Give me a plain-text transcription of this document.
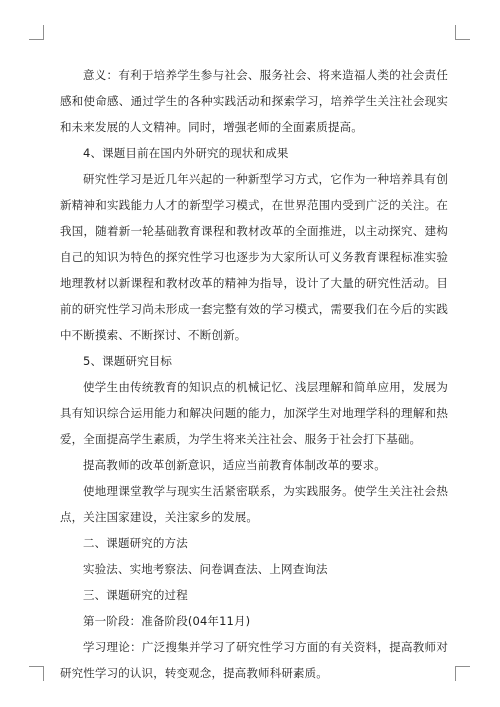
意义：有利于培养学生参与社会、服务社会、将来造福人类的社会责任感和使命感、通过学生的各种实践活动和探索学习，培养学生关注社会现实和未来发展的人文精神。同时，增强老师的全面素质提高。

4、课题目前在国内外研究的现状和成果

研究性学习是近几年兴起的一种新型学习方式，它作为一种培养具有创新精神和实践能力人才的新型学习模式，在世界范围内受到广泛的关注。在我国，随着新一轮基础教育课程和教材改革的全面推进，以主动探究、建构自己的知识为特色的探究性学习也逐步为大家所认可义务教育课程标准实验地理教材以新课程和教材改革的精神为指导，设计了大量的研究性活动。目前的研究性学习尚未形成一套完整有效的学习模式，需要我们在今后的实践中不断摸索、不断探讨、不断创新。

5、课题研究目标

使学生由传统教育的知识点的机械记忆、浅层理解和简单应用，发展为具有知识综合运用能力和解决问题的能力，加深学生对地理学科的理解和热爱，全面提高学生素质，为学生将来关注社会、服务于社会打下基础。

提高教师的改革创新意识，适应当前教育体制改革的要求。

使地理课堂教学与现实生活紧密联系，为实践服务。使学生关注社会热点，关注国家建设，关注家乡的发展。

二、课题研究的方法

实验法、实地考察法、问卷调查法、上网查询法

三、课题研究的过程

第一阶段：准备阶段(04年11月)

学习理论：广泛搜集并学习了研究性学习方面的有关资料，提高教师对研究性学习的认识，转变观念，提高教师科研素质。
